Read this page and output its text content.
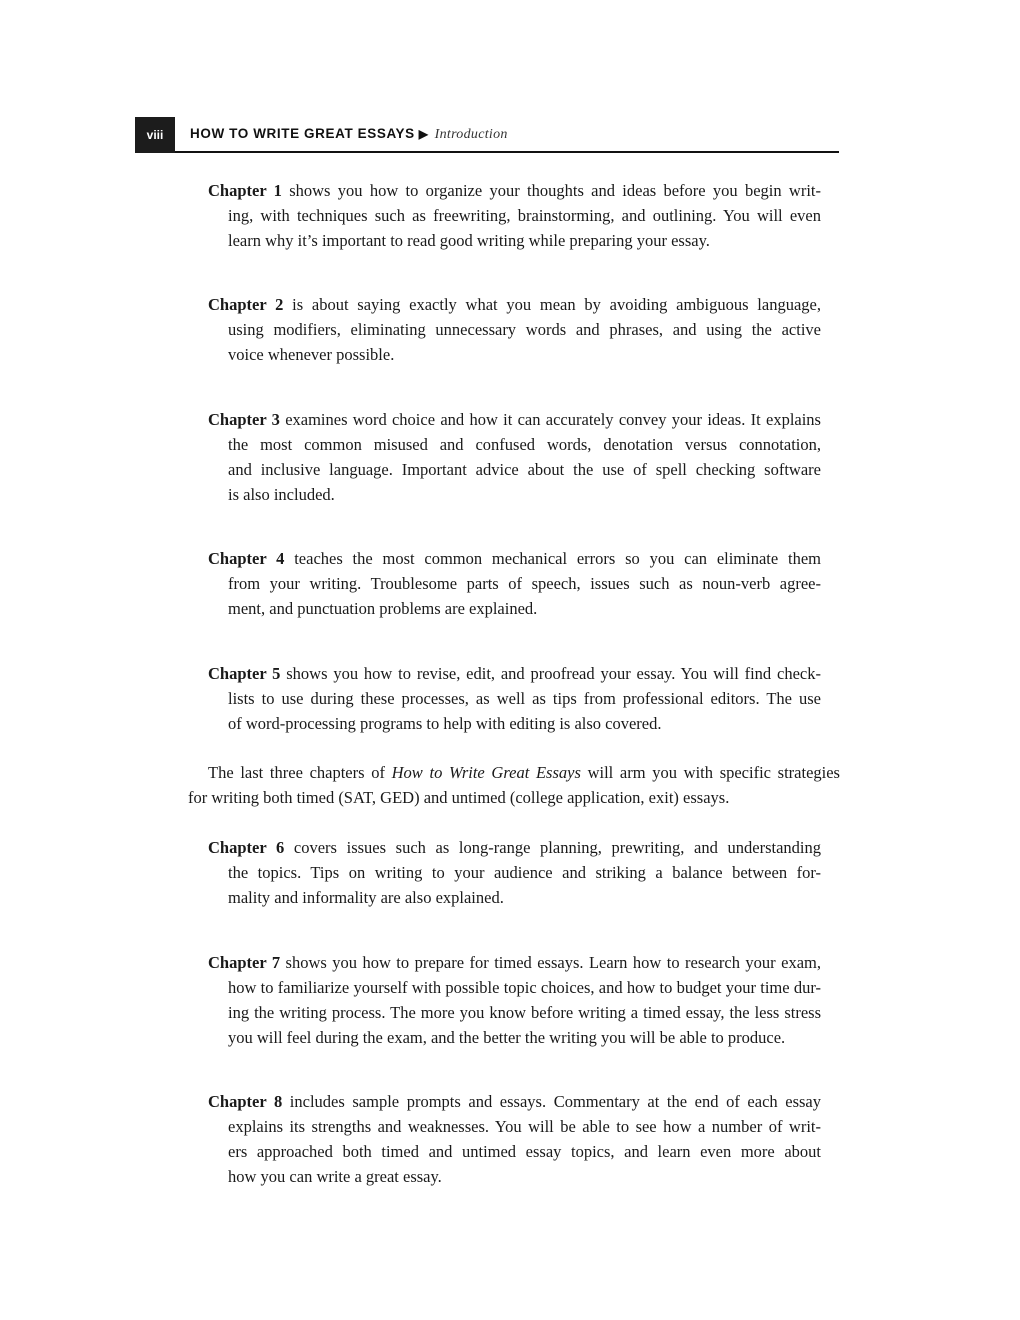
viii	HOW TO WRITE GREAT ESSAYS ▶ Introduction
Chapter 1 shows you how to organize your thoughts and ideas before you begin writ-
ing, with techniques such as freewriting, brainstorming, and outlining. You will even
learn why it’s important to read good writing while preparing your essay.
Chapter 2 is about saying exactly what you mean by avoiding ambiguous language,
using modifiers, eliminating unnecessary words and phrases, and using the active
voice whenever possible.
Chapter 3 examines word choice and how it can accurately convey your ideas. It explains
the most common misused and confused words, denotation versus connotation,
and inclusive language. Important advice about the use of spell checking software
is also included.
Chapter 4 teaches the most common mechanical errors so you can eliminate them
from your writing. Troublesome parts of speech, issues such as noun-verb agree-
ment, and punctuation problems are explained.
Chapter 5 shows you how to revise, edit, and proofread your essay. You will find check-
lists to use during these processes, as well as tips from professional editors. The use
of word-processing programs to help with editing is also covered.
The last three chapters of How to Write Great Essays will arm you with specific strategies
for writing both timed (SAT, GED) and untimed (college application, exit) essays.
Chapter 6 covers issues such as long-range planning, prewriting, and understanding
the topics. Tips on writing to your audience and striking a balance between for-
mality and informality are also explained.
Chapter 7 shows you how to prepare for timed essays. Learn how to research your exam,
how to familiarize yourself with possible topic choices, and how to budget your time dur-
ing the writing process. The more you know before writing a timed essay, the less stress
you will feel during the exam, and the better the writing you will be able to produce.
Chapter 8 includes sample prompts and essays. Commentary at the end of each essay
explains its strengths and weaknesses. You will be able to see how a number of writ-
ers approached both timed and untimed essay topics, and learn even more about
how you can write a great essay.
